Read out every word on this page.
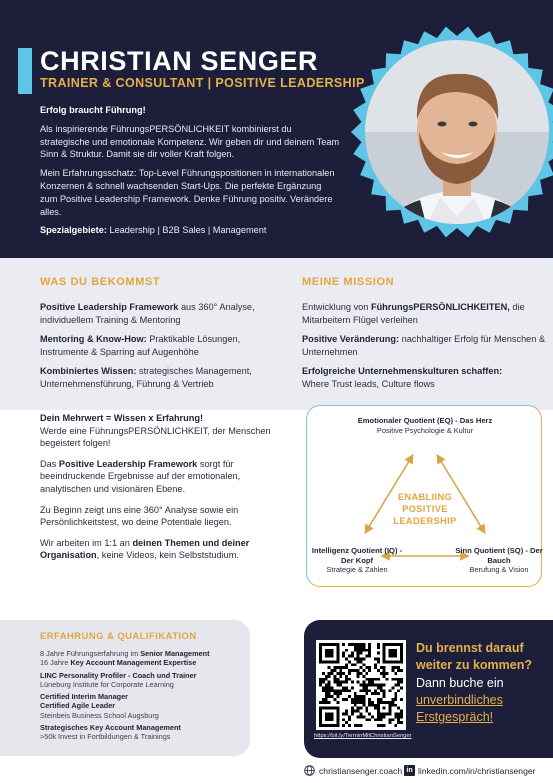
CHRISTIAN SENGER
TRAINER & CONSULTANT | POSITIVE LEADERSHIP

Erfolg braucht Führung!

Als inspirierende FührungsPERSÖNLICHKEIT kombinierst du strategische und emotionale Kompetenz. Wir geben dir und deinem Team Sinn & Struktur. Damit sie dir voller Kraft folgen.

Mein Erfahrungsschatz: Top-Level Führungspositionen in internationalen Konzernen & schnell wachsenden Start-Ups. Die perfekte Ergänzung zum Positive Leadership Framework. Denke Führung positiv. Verändere alles.

Spezialgebiete: Leadership | B2B Sales | Management

WAS DU BEKOMMST
Positive Leadership Framework aus 360° Analyse, individuellem Training & Mentoring
Mentoring & Know-How: Praktikable Lösungen, Instrumente & Sparring auf Augenhöhe
Kombiniertes Wissen: strategisches Management, Unternehmensführung, Führung & Vertrieb
MEINE MISSION
Entwicklung von FührungsPERSÖNLICHKEITEN, die Mitarbeitern Flügel verleihen
Positive Veränderung: nachhaltiger Erfolg für Menschen & Unternehmen
Erfolgreiche Unternehmenskulturen schaffen:
Where Trust leads, Culture flows

Dein Mehrwert = Wissen x Erfahrung!
Werde eine FührungsPERSÖNLICHKEIT, der Menschen begeistert folgen!

Das Positive Leadership Framework sorgt für beeindruckende Ergebnisse auf der emotionalen, analytischen und visionären Ebene.

Zu Beginn zeigt uns eine 360° Analyse sowie ein Persönlichkeitstest, wo deine Potentiale liegen.

Wir arbeiten im 1:1 an deinen Themen und deiner Organisation, keine Videos, kein Selbststudium.

Emotionaler Quotient (EQ) - Das Herz
Positive Psychologie & Kultur
ENABLIING
POSITIVE
LEADERSHIP
Intelligenz Quotient (IQ) - Der Kopf
Strategie & Zahlen
Sinn Quotient (SQ) - Der Bauch
Berufung & Vision
ERFAHRUNG & QUALIFIKATION
8 Jahre Führungserfahrung im Senior Management
16 Jahre Key Account Management Expertise
LINC Personality Profiler - Coach und Trainer
Lüneburg Institute for Corporate Learning
Certified Interim Manager
Certified Agile Leader
Steinbeis Business School Augsburg
Strategisches Key Account Management
>50k Invest in Fortbildungen & Trainings	https://bit.ly/TerminMitChristianSenger
Du brennst darauf weiter zu kommen?
Dann buche ein
unverbindliches Erstgespräch!
christiansenger.coach in linkedin.com/in/christiansenger
